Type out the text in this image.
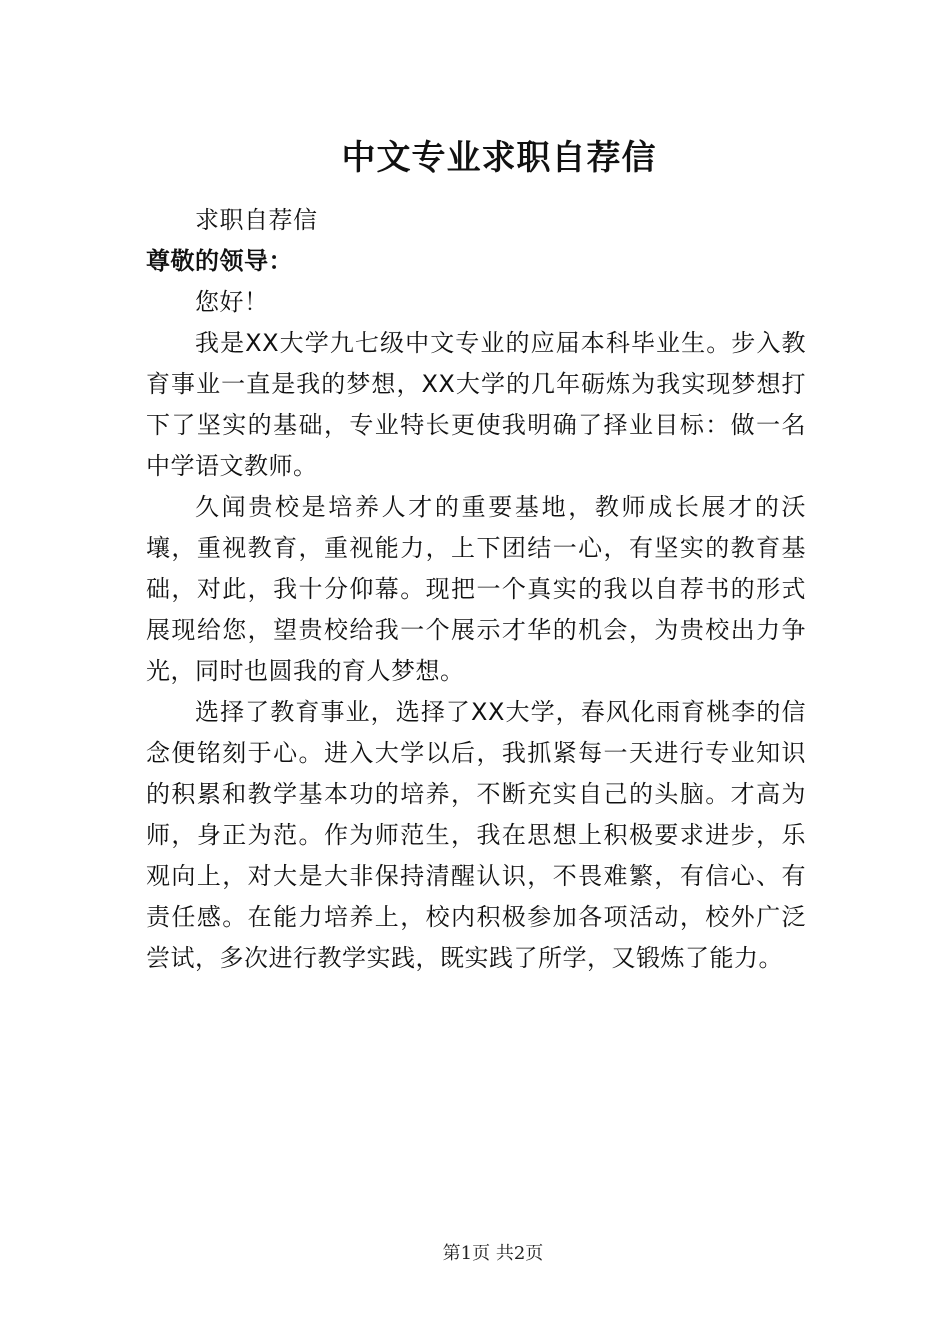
中文专业求职自荐信

求职自荐信

尊敬的领导：

您好！

我是XX大学九七级中文专业的应届本科毕业生。步入教育事业一直是我的梦想，XX大学的几年砺炼为我实现梦想打下了坚实的基础，专业特长更使我明确了择业目标：做一名中学语文教师。

久闻贵校是培养人才的重要基地，教师成长展才的沃壤，重视教育，重视能力，上下团结一心，有坚实的教育基础，对此，我十分仰幕。现把一个真实的我以自荐书的形式展现给您，望贵校给我一个展示才华的机会，为贵校出力争光，同时也圆我的育人梦想。

选择了教育事业，选择了XX大学，春风化雨育桃李的信念便铭刻于心。进入大学以后，我抓紧每一天进行专业知识的积累和教学基本功的培养，不断充实自己的头脑。才高为师，身正为范。作为师范生，我在思想上积极要求进步，乐观向上，对大是大非保持清醒认识，不畏难繁，有信心、有责任感。在能力培养上，校内积极参加各项活动，校外广泛尝试，多次进行教学实践，既实践了所学，又锻炼了能力。

第1页 共2页
